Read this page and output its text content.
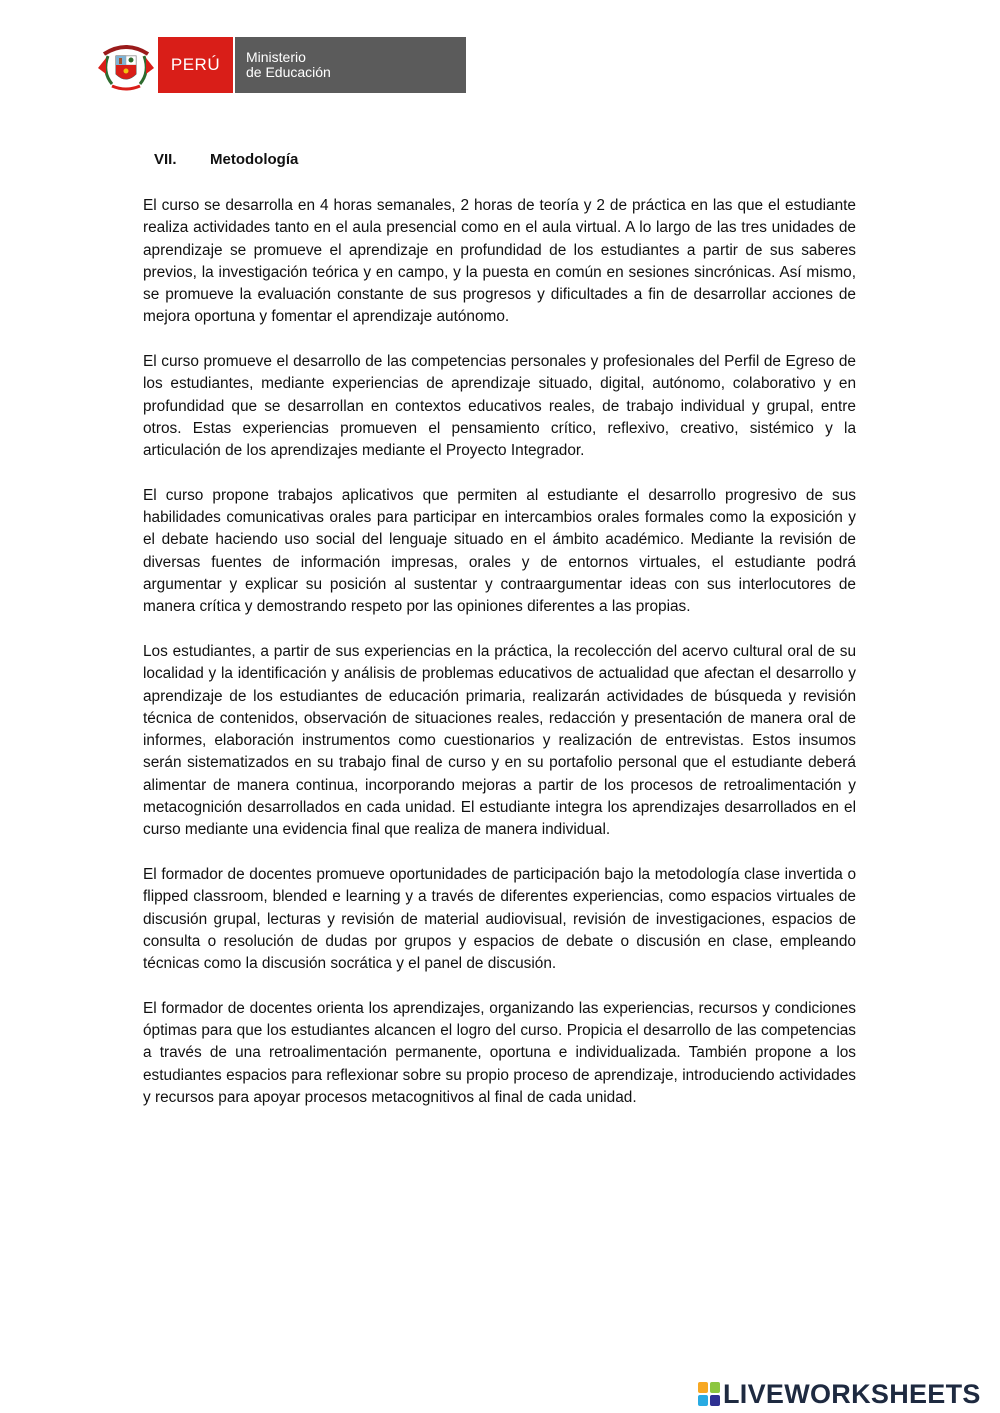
PERÚ	Ministerio
de Educación
VII.	Metodología

El curso se desarrolla en 4 horas semanales, 2 horas de teoría y 2 de práctica en las que el estudiante realiza actividades tanto en el aula presencial como en el aula virtual. A lo largo de las tres unidades de aprendizaje se promueve el aprendizaje en profundidad de los estudiantes a partir de sus saberes previos, la investigación teórica y en campo, y la puesta en común en sesiones sincrónicas. Así mismo, se promueve la evaluación constante de sus progresos y dificultades a fin de desarrollar acciones de mejora oportuna y fomentar el aprendizaje autónomo.

El curso promueve el desarrollo de las competencias personales y profesionales del Perfil de Egreso de los estudiantes, mediante experiencias de aprendizaje situado, digital, autónomo, colaborativo y en profundidad que se desarrollan en contextos educativos reales, de trabajo individual y grupal, entre otros. Estas experiencias promueven el pensamiento crítico, reflexivo, creativo, sistémico y la articulación de los aprendizajes mediante el Proyecto Integrador.

El curso propone trabajos aplicativos que permiten al estudiante el desarrollo progresivo de sus habilidades comunicativas orales para participar en intercambios orales formales como la exposición y el debate haciendo uso social del lenguaje situado en el ámbito académico. Mediante la revisión de diversas fuentes de información impresas, orales y de entornos virtuales, el estudiante podrá argumentar y explicar su posición al sustentar y contraargumentar ideas con sus interlocutores de manera crítica y demostrando respeto por las opiniones diferentes a las propias.

Los estudiantes, a partir de sus experiencias en la práctica, la recolección del acervo cultural oral de su localidad y la identificación y análisis de problemas educativos de actualidad que afectan el desarrollo y aprendizaje de los estudiantes de educación primaria, realizarán actividades de búsqueda y revisión técnica de contenidos, observación de situaciones reales, redacción y presentación de manera oral de informes, elaboración instrumentos como cuestionarios y realización de entrevistas. Estos insumos serán sistematizados en su trabajo final de curso y en su portafolio personal que el estudiante deberá alimentar de manera continua, incorporando mejoras a partir de los procesos de retroalimentación y metacognición desarrollados en cada unidad. El estudiante integra los aprendizajes desarrollados en el curso mediante una evidencia final que realiza de manera individual.

El formador de docentes promueve oportunidades de participación bajo la metodología clase invertida o flipped classroom, blended e learning y a través de diferentes experiencias, como espacios virtuales de discusión grupal, lecturas y revisión de material audiovisual, revisión de investigaciones, espacios de consulta o resolución de dudas por grupos y espacios de debate o discusión en clase, empleando técnicas como la discusión socrática y el panel de discusión.

El formador de docentes orienta los aprendizajes, organizando las experiencias, recursos y condiciones óptimas para que los estudiantes alcancen el logro del curso. Propicia el desarrollo de las competencias a través de una retroalimentación permanente, oportuna e individualizada. También propone a los estudiantes espacios para reflexionar sobre su propio proceso de aprendizaje, introduciendo actividades y recursos para apoyar procesos metacognitivos al final de cada unidad.

LIVEWORKSHEETS
